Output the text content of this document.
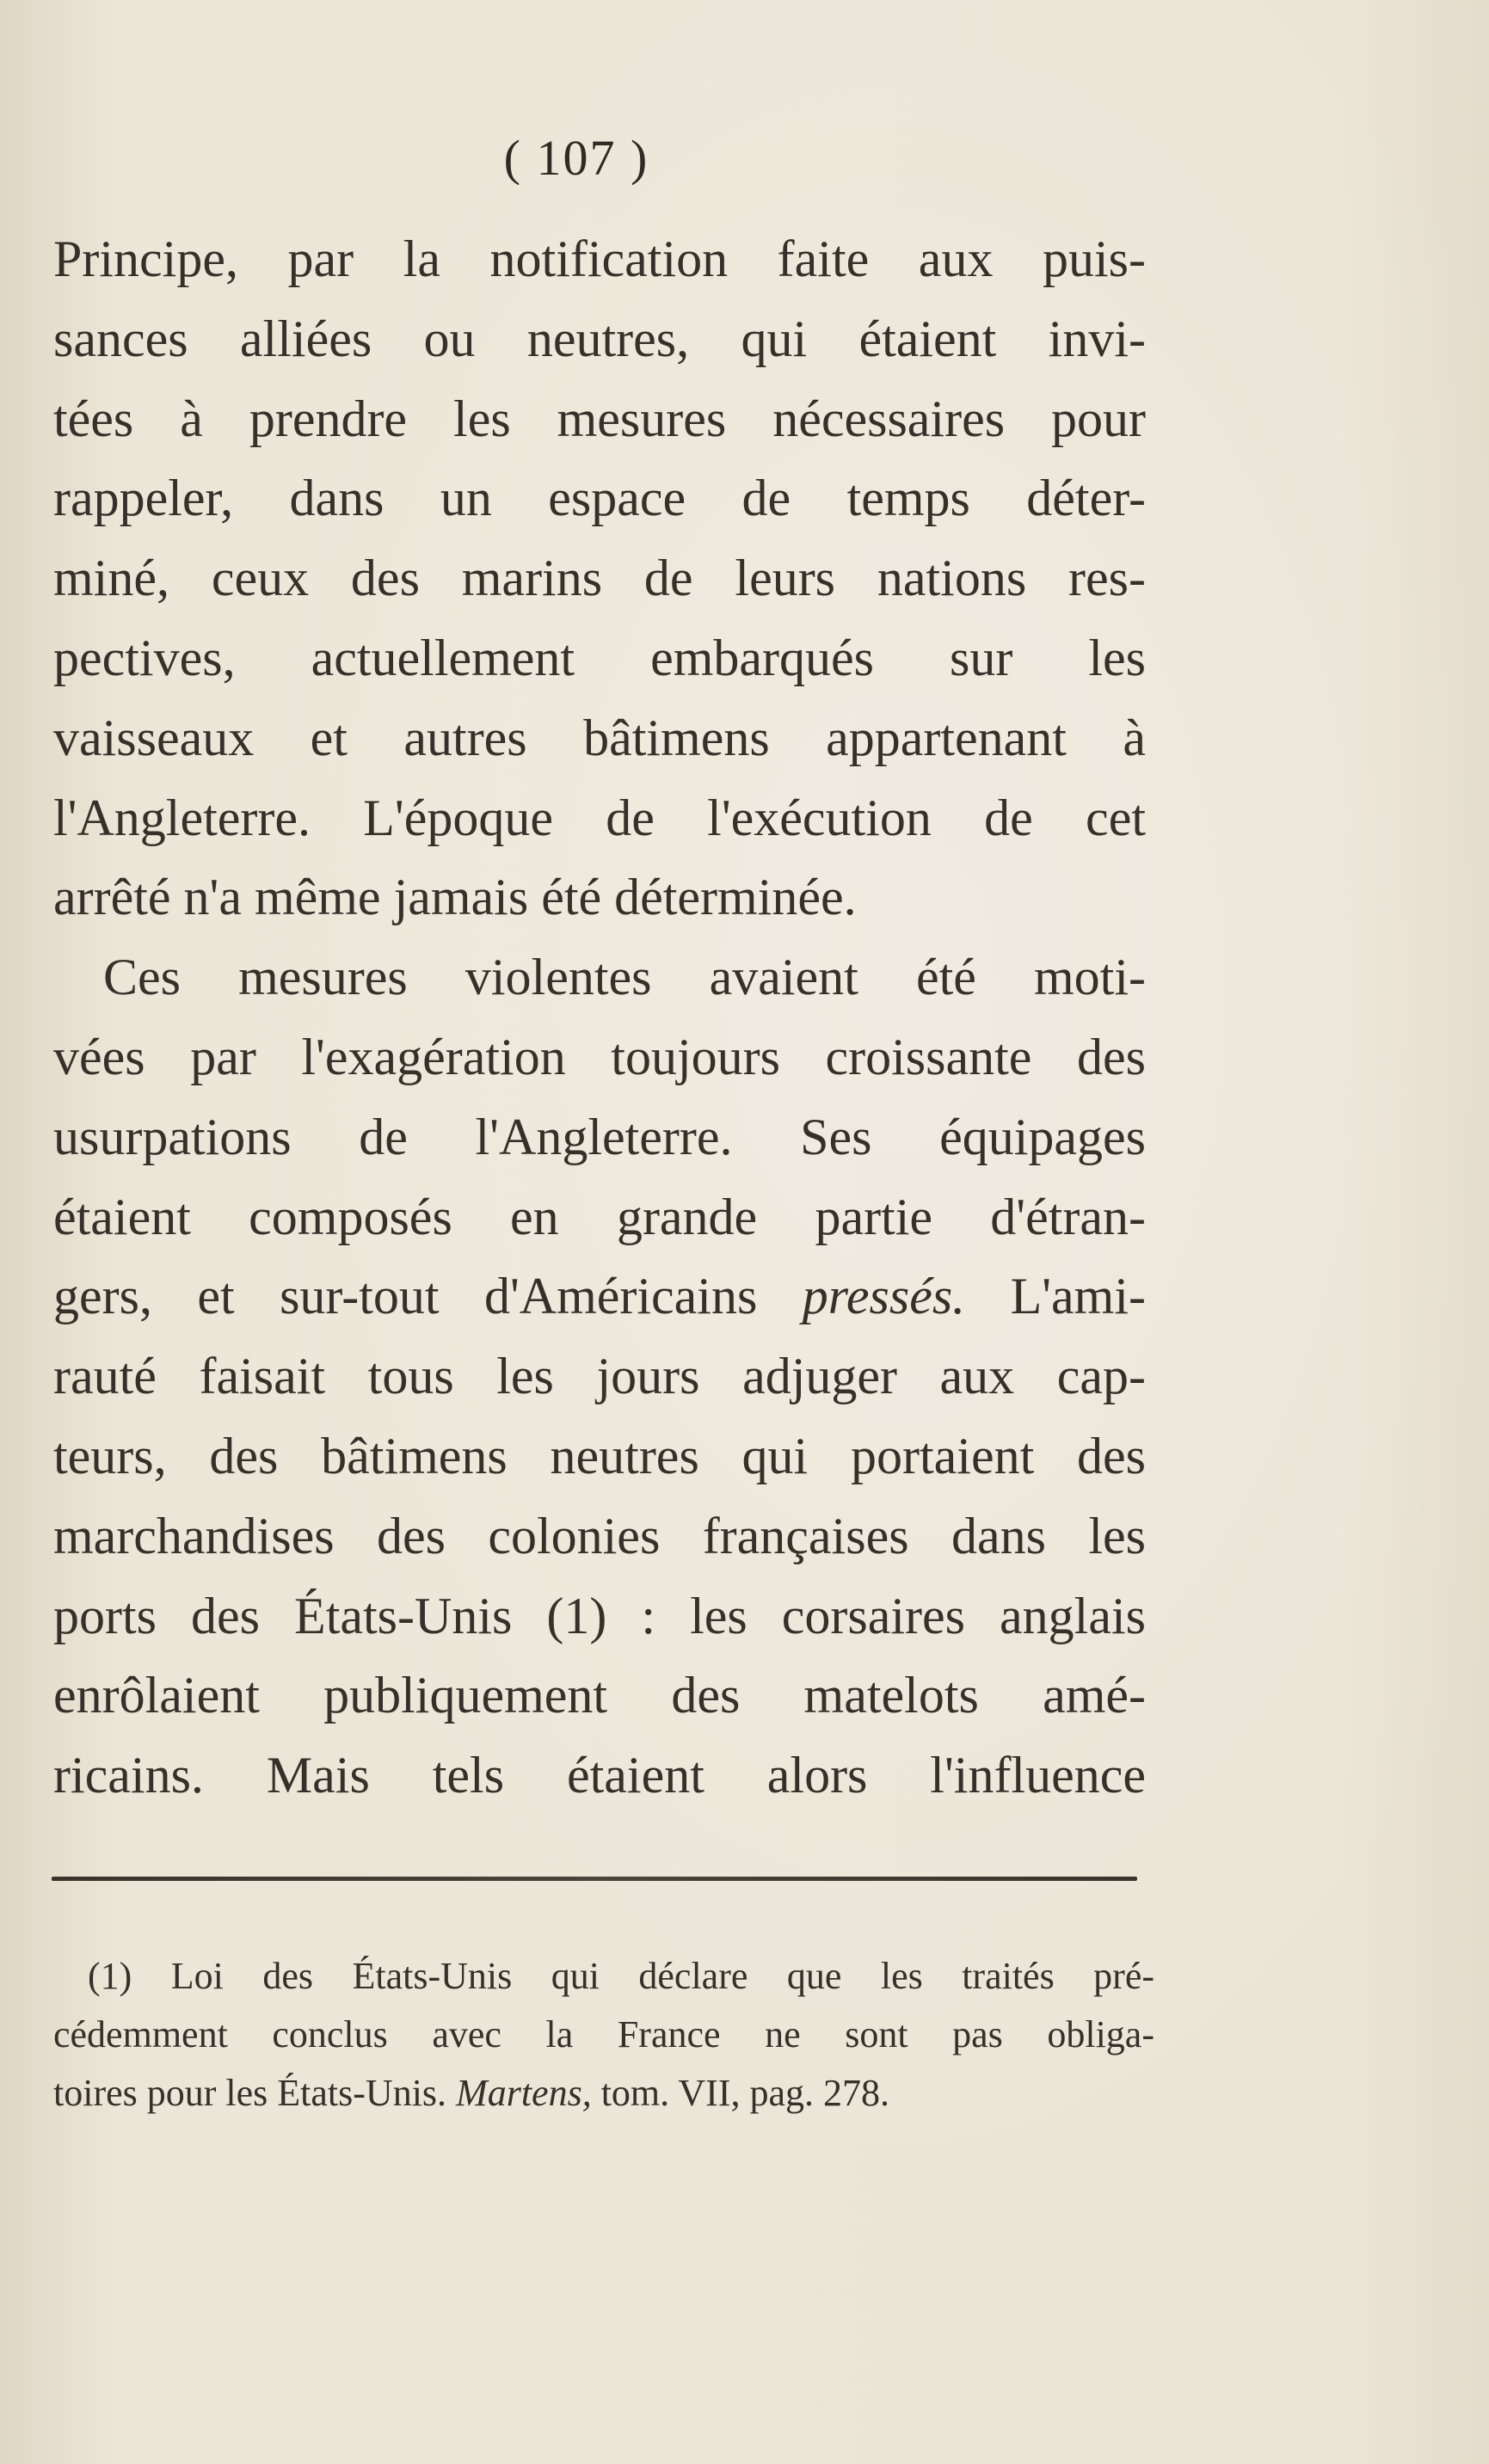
( 107 )
Principe, par la notification faite aux puis-
sances alliées ou neutres, qui étaient invi-
tées à prendre les mesures nécessaires pour
rappeler, dans un espace de temps déter-
miné, ceux des marins de leurs nations res-
pectives, actuellement embarqués sur les
vaisseaux et autres bâtimens appartenant à
l'Angleterre. L'époque de l'exécution de cet
arrêté n'a même jamais été déterminée.
Ces mesures violentes avaient été moti-
vées par l'exagération toujours croissante des
usurpations de l'Angleterre. Ses équipages
étaient composés en grande partie d'étran-
gers, et sur-tout d'Américains pressés. L'ami-
rauté faisait tous les jours adjuger aux cap-
teurs, des bâtimens neutres qui portaient des
marchandises des colonies françaises dans les
ports des États-Unis (1) : les corsaires anglais
enrôlaient publiquement des matelots amé-
ricains. Mais tels étaient alors l'influence
(1) Loi des États-Unis qui déclare que les traités pré-
cédemment conclus avec la France ne sont pas obliga-
toires pour les États-Unis. Martens, tom. VII, pag. 278.
